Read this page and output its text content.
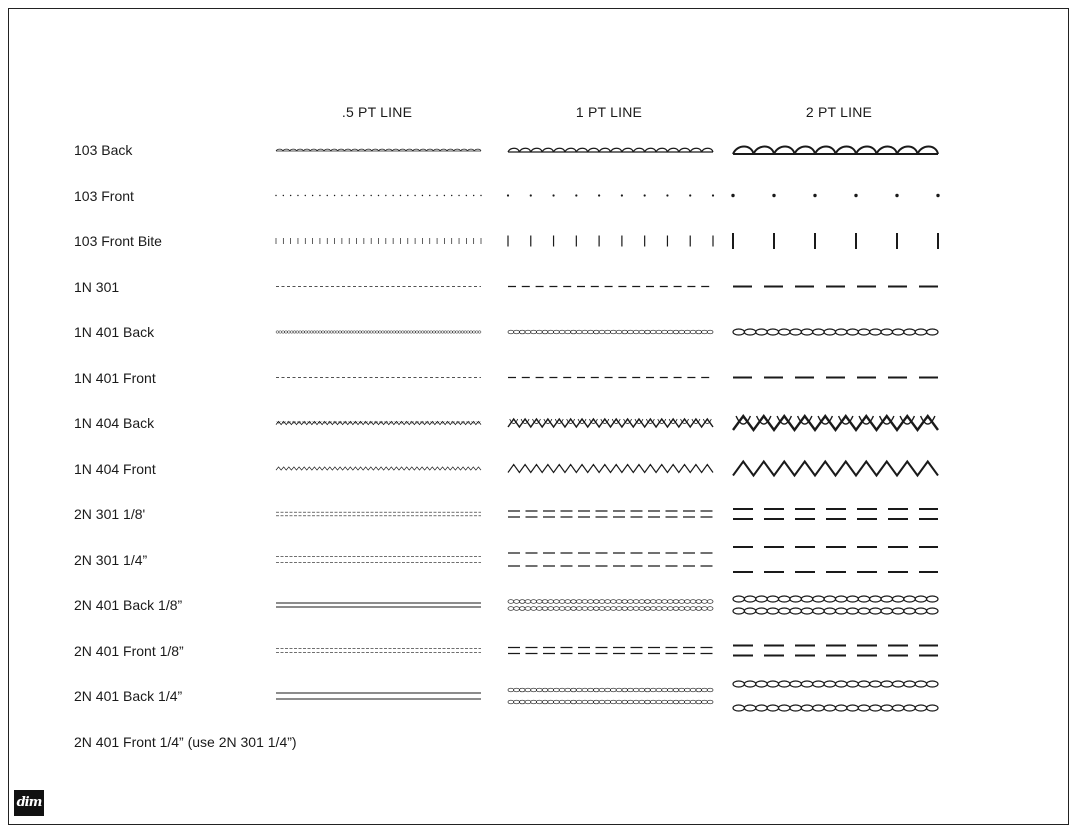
.5 PT LINE	1 PT LINE	2 PT LINE
103 Back
103 Front
103 Front Bite
1N 301
1N 401 Back
1N 401 Front
1N 404 Back
1N 404 Front
2N 301 1/8'
2N 301 1/4”
2N 401 Back 1/8”
2N 401 Front 1/8”
2N 401 Back 1/4”
2N 401 Front 1/4” (use 2N 301 1/4”)
dim
